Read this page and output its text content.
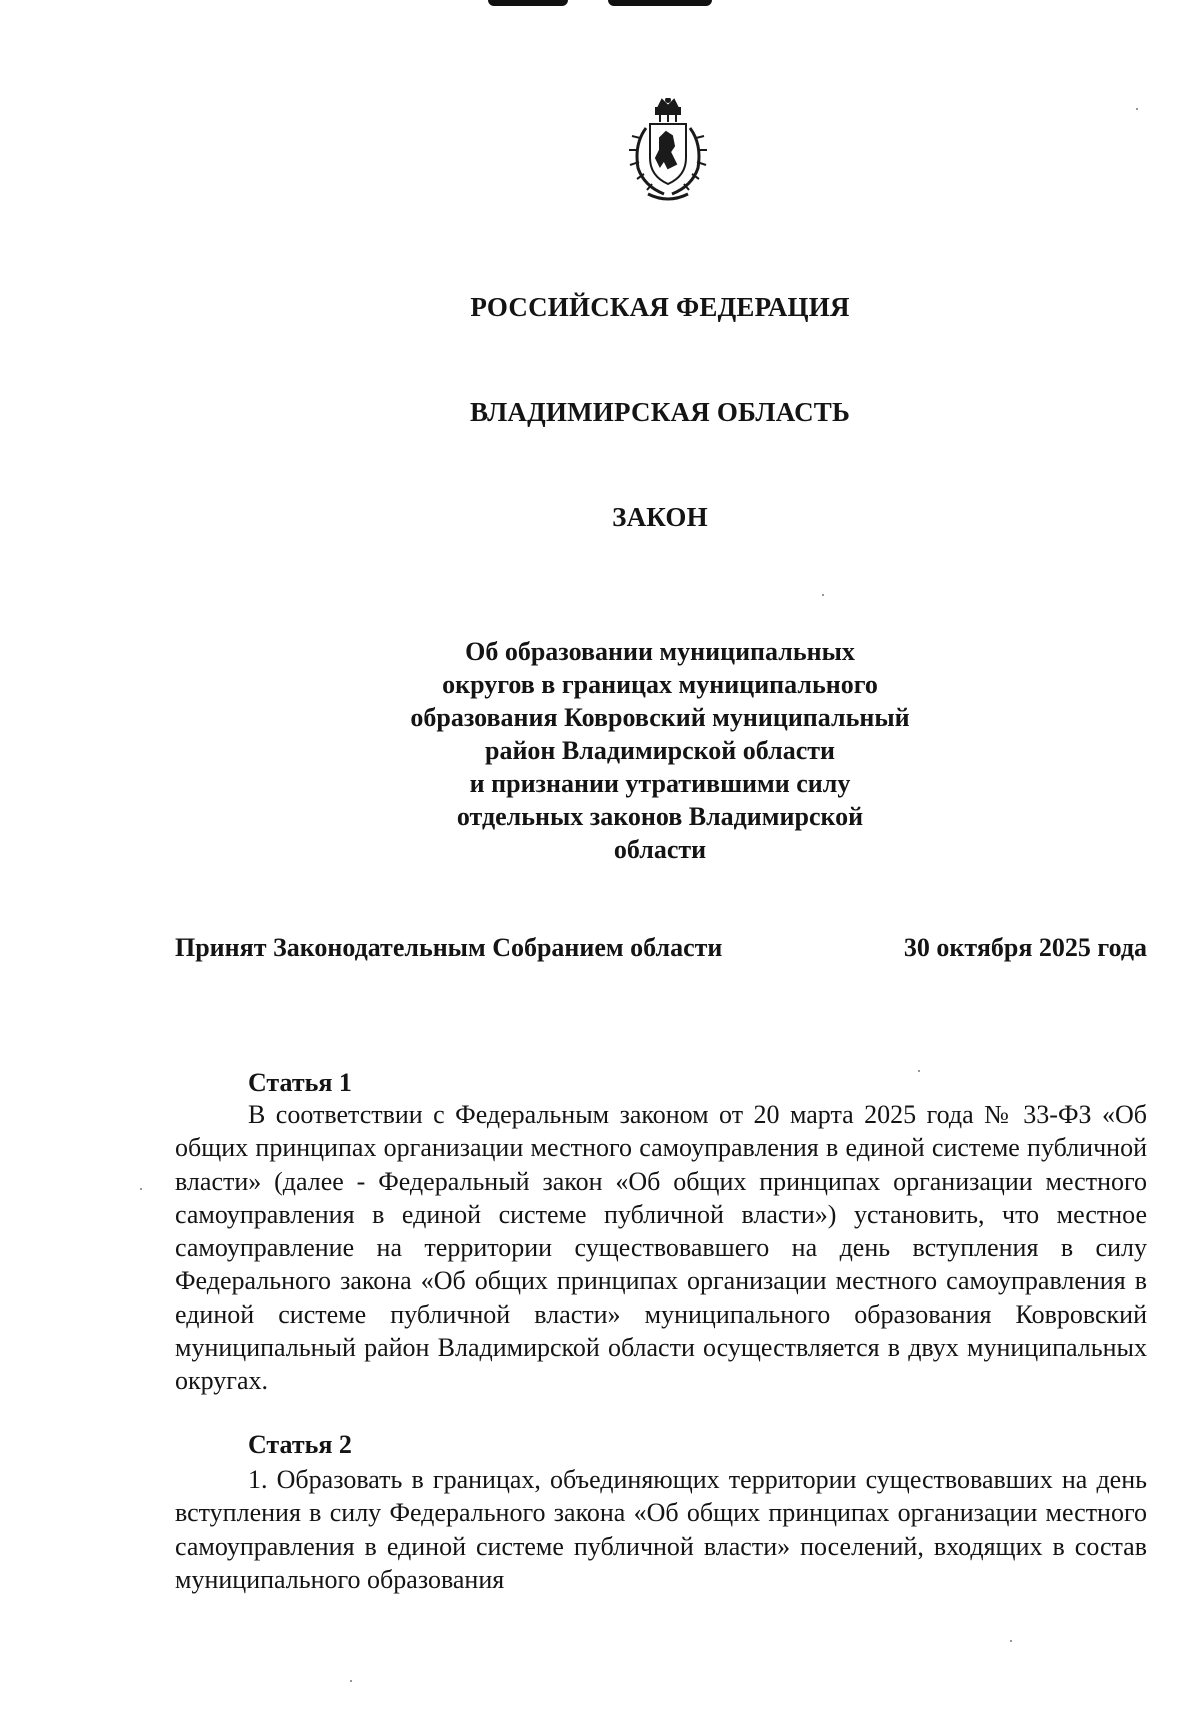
РОССИЙСКАЯ ФЕДЕРАЦИЯ
ВЛАДИМИРСКАЯ ОБЛАСТЬ
ЗАКОН
Об образовании муниципальных
округов в границах муниципального
образования Ковровский муниципальный
район Владимирской области
и признании утратившими силу
отдельных законов Владимирской
области
Принят Законодательным Собранием области	30 октября 2025 года
Статья 1

В соответствии с Федеральным законом от 20 марта 2025 года № 33-ФЗ «Об общих принципах организации местного самоуправления в единой системе публичной власти» (далее - Федеральный закон «Об общих принципах организации местного самоуправления в единой системе публичной власти») установить, что местное самоуправление на территории существовавшего на день вступления в силу Федерального закона «Об общих принципах организации местного самоуправления в единой системе публичной власти» муниципального образования Ковровский муниципальный район Владимирской области осуществляется в двух муниципальных округах.

Статья 2

1. Образовать в границах, объединяющих территории существовавших на день вступления в силу Федерального закона «Об общих принципах организации местного самоуправления в единой системе публичной власти» поселений, входящих в состав муниципального образования
